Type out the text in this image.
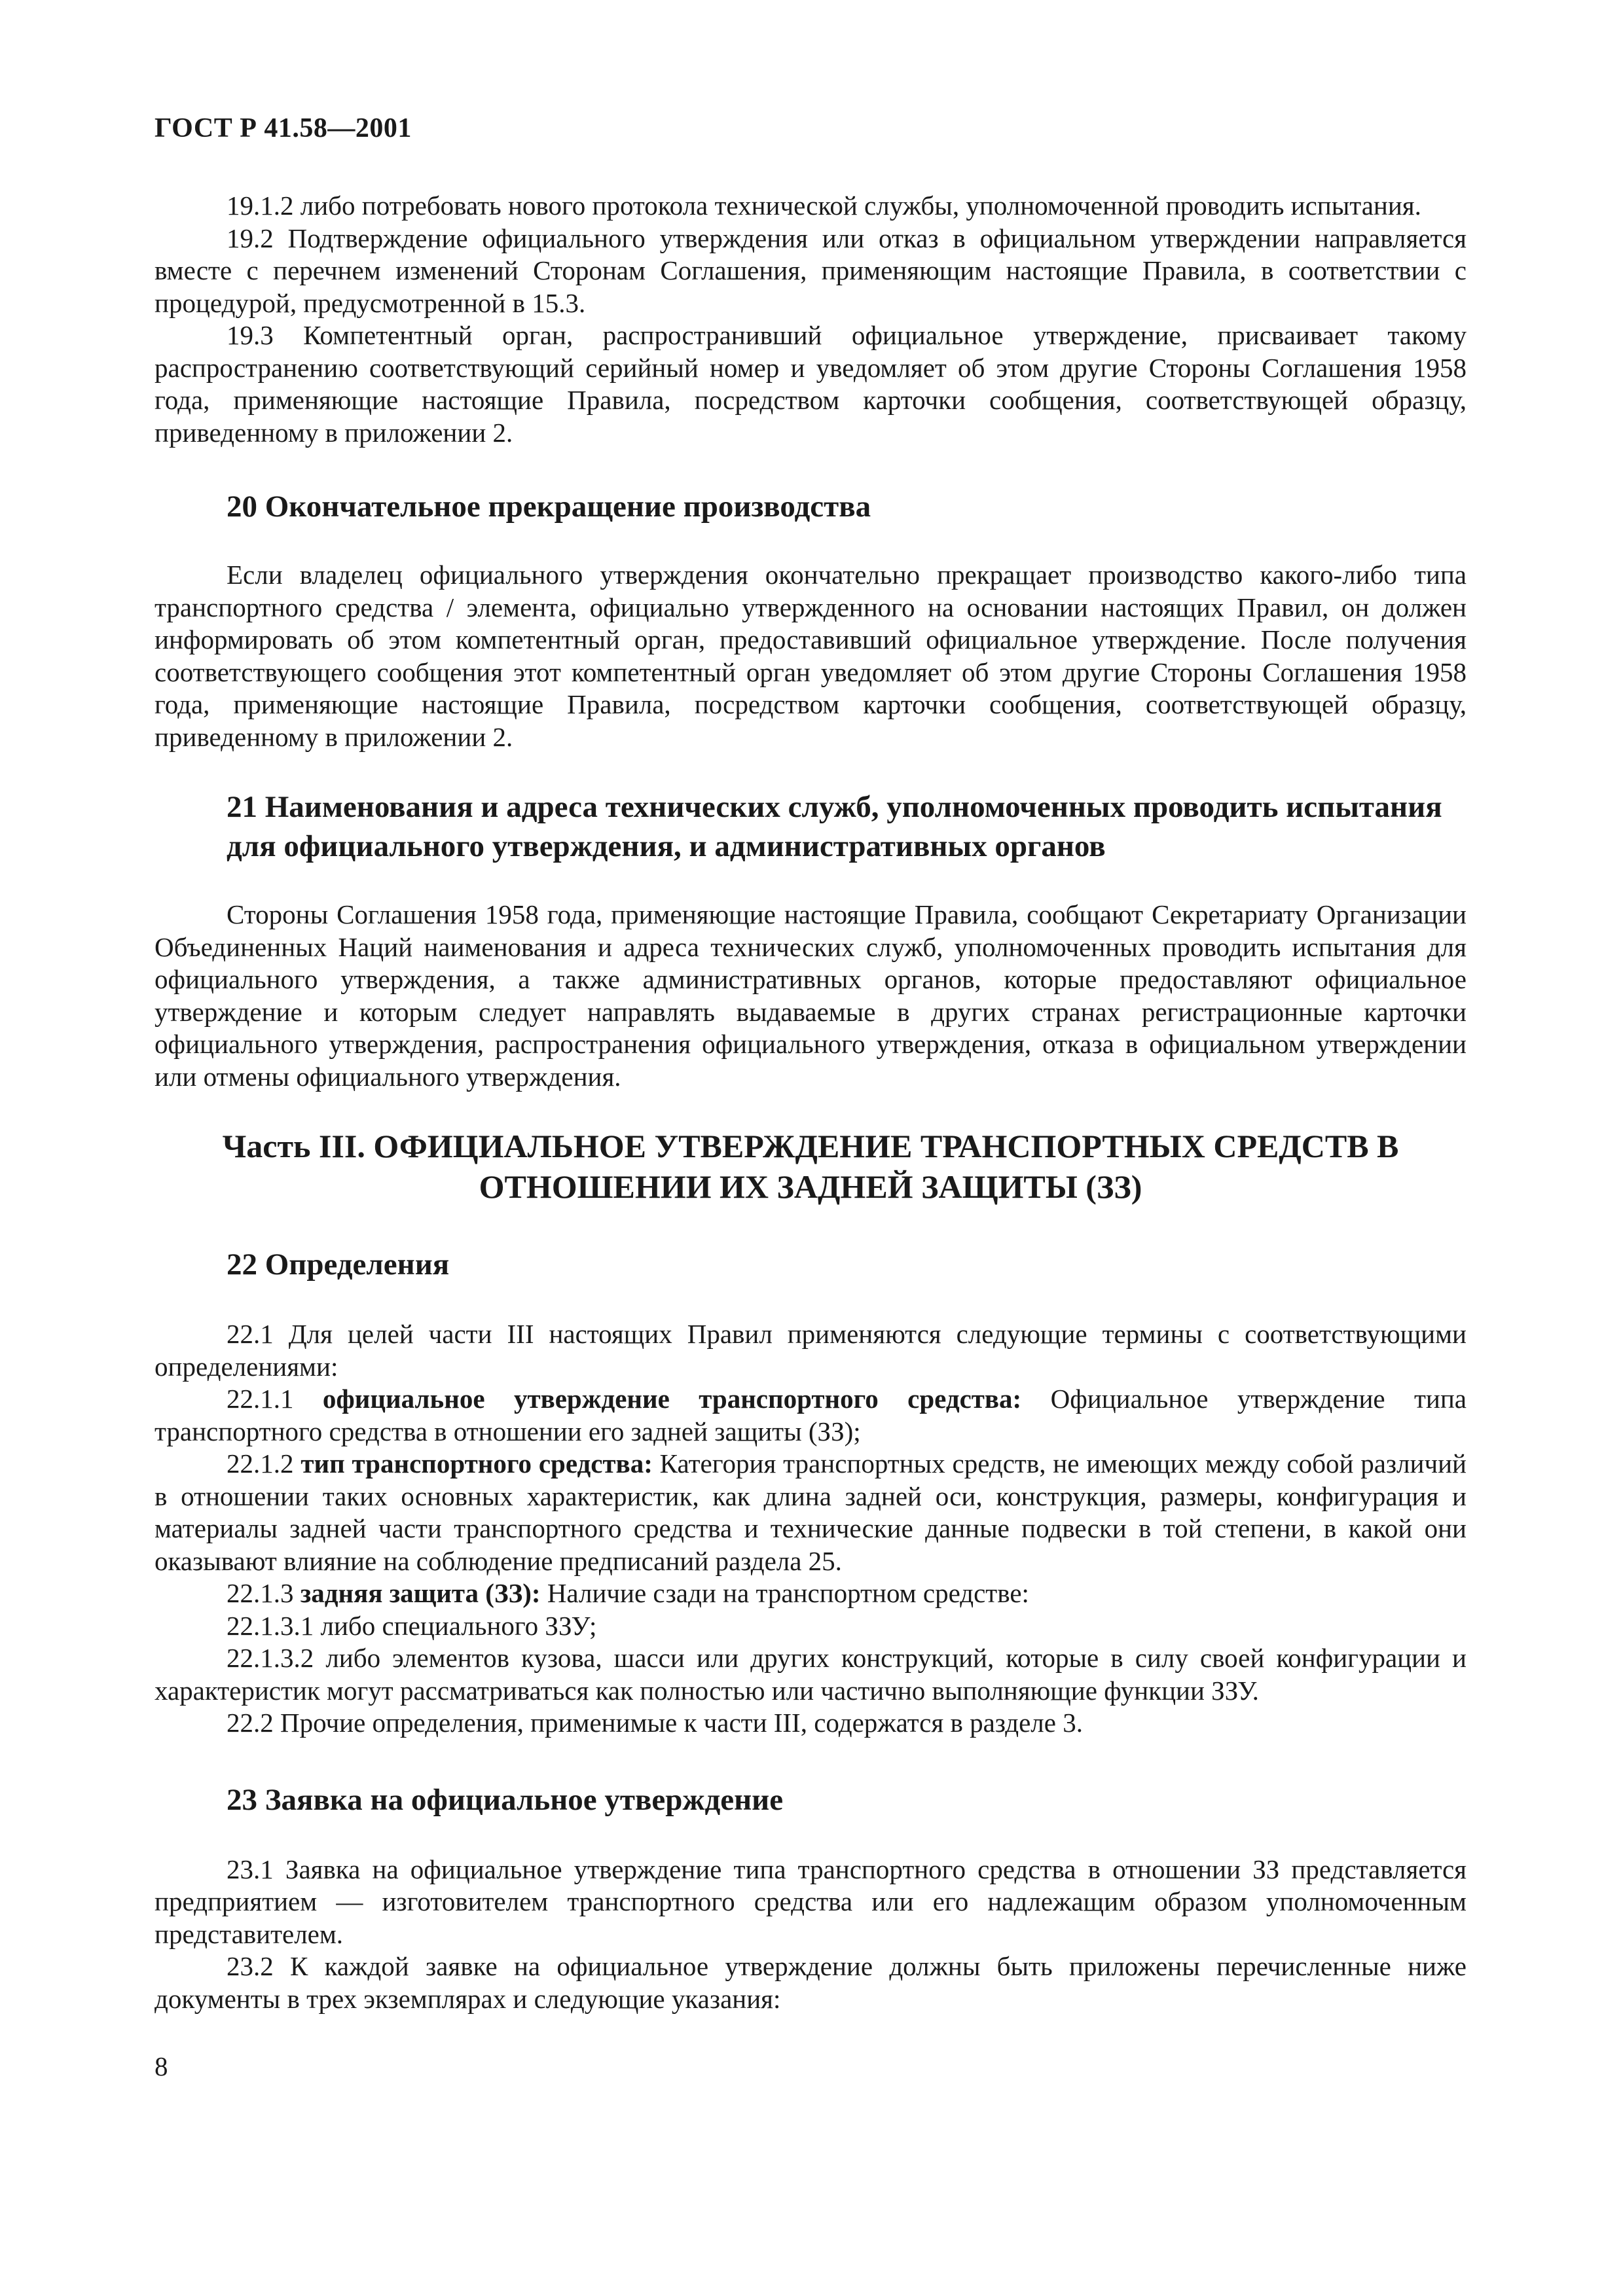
ГОСТ Р 41.58—2001

19.1.2 либо потребовать нового протокола технической службы, уполномоченной проводить испытания.

19.2 Подтверждение официального утверждения или отказ в официальном утверждении направляется вместе с перечнем изменений Сторонам Соглашения, применяющим настоящие Правила, в соответствии с процедурой, предусмотренной в 15.3.

19.3 Компетентный орган, распространивший официальное утверждение, присваивает такому распространению соответствующий серийный номер и уведомляет об этом другие Стороны Соглашения 1958 года, применяющие настоящие Правила, посредством карточки сообщения, соответствующей образцу, приведенному в приложении 2.

20 Окончательное прекращение производства

Если владелец официального утверждения окончательно прекращает производство какого-либо типа транспортного средства / элемента, официально утвержденного на основании настоящих Правил, он должен информировать об этом компетентный орган, предоставивший официальное утверждение. После получения соответствующего сообщения этот компетентный орган уведомляет об этом другие Стороны Соглашения 1958 года, применяющие настоящие Правила, посредством карточки сообщения, соответствующей образцу, приведенному в приложении 2.

21 Наименования и адреса технических служб, уполномоченных проводить испытания для официального утверждения, и административных органов

Стороны Соглашения 1958 года, применяющие настоящие Правила, сообщают Секретариату Организации Объединенных Наций наименования и адреса технических служб, уполномоченных проводить испытания для официального утверждения, а также административных органов, которые предоставляют официальное утверждение и которым следует направлять выдаваемые в других странах регистрационные карточки официального утверждения, распространения официального утверждения, отказа в официальном утверждении или отмены официального утверждения.

Часть III. ОФИЦИАЛЬНОЕ УТВЕРЖДЕНИЕ ТРАНСПОРТНЫХ СРЕДСТВ В ОТНОШЕНИИ ИХ ЗАДНЕЙ ЗАЩИТЫ (ЗЗ)
22 Определения

22.1 Для целей части III настоящих Правил применяются следующие термины с соответствующими определениями:

22.1.1 официальное утверждение транспортного средства: Официальное утверждение типа транспортного средства в отношении его задней защиты (ЗЗ);

22.1.2 тип транспортного средства: Категория транспортных средств, не имеющих между собой различий в отношении таких основных характеристик, как длина задней оси, конструкция, размеры, конфигурация и материалы задней части транспортного средства и технические данные подвески в той степени, в какой они оказывают влияние на соблюдение предписаний раздела 25.

22.1.3 задняя защита (ЗЗ): Наличие сзади на транспортном средстве:

22.1.3.1 либо специального ЗЗУ;

22.1.3.2 либо элементов кузова, шасси или других конструкций, которые в силу своей конфигурации и характеристик могут рассматриваться как полностью или частично выполняющие функции ЗЗУ.

22.2 Прочие определения, применимые к части III, содержатся в разделе 3.

23 Заявка на официальное утверждение

23.1 Заявка на официальное утверждение типа транспортного средства в отношении ЗЗ представляется предприятием — изготовителем транспортного средства или его надлежащим образом уполномоченным представителем.

23.2 К каждой заявке на официальное утверждение должны быть приложены перечисленные ниже документы в трех экземплярах и следующие указания:

8
